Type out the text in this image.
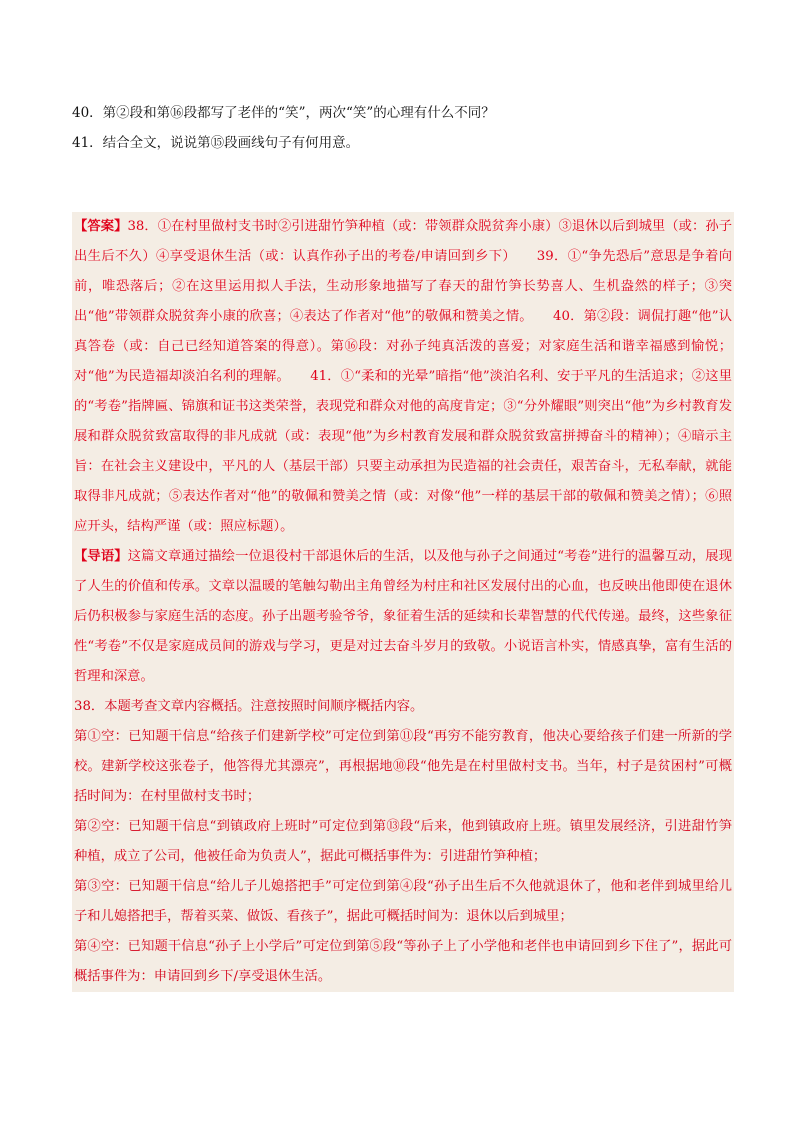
40．第②段和第⑯段都写了老伴的“笑”，两次“笑”的心理有什么不同？
41．结合全文，说说第⑮段画线句子有何用意。

【答案】38．①在村里做村支书时②引进甜竹笋种植（或：带领群众脱贫奔小康）③退休以后到城里（或：孙子出生后不久）④享受退休生活（或：认真作孙子出的考卷/申请回到乡下）　　39．①“争先恐后”意思是争着向前，唯恐落后；②在这里运用拟人手法，生动形象地描写了春天的甜竹笋长势喜人、生机盎然的样子；③突出“他”带领群众脱贫奔小康的欣喜；④表达了作者对“他”的敬佩和赞美之情。　　40．第②段：调侃打趣“他”认真答卷（或：自己已经知道答案的得意）。第⑯段：对孙子纯真活泼的喜爱；对家庭生活和谐幸福感到愉悦；对“他”为民造福却淡泊名利的理解。　　41．①“柔和的光晕”暗指“他”淡泊名利、安于平凡的生活追求；②这里的“考卷”指牌匾、锦旗和证书这类荣誉，表现党和群众对他的高度肯定；③“分外耀眼”则突出“他”为乡村教育发展和群众脱贫致富取得的非凡成就（或：表现“他”为乡村教育发展和群众脱贫致富拼搏奋斗的精神）；④暗示主旨：在社会主义建设中，平凡的人（基层干部）只要主动承担为民造福的社会责任，艰苦奋斗，无私奉献，就能取得非凡成就；⑤表达作者对“他”的敬佩和赞美之情（或：对像“他”一样的基层干部的敬佩和赞美之情）；⑥照应开头，结构严谨（或：照应标题）。

【导语】这篇文章通过描绘一位退役村干部退休后的生活，以及他与孙子之间通过“考卷”进行的温馨互动，展现了人生的价值和传承。文章以温暖的笔触勾勒出主角曾经为村庄和社区发展付出的心血，也反映出他即使在退休后仍积极参与家庭生活的态度。孙子出题考验爷爷，象征着生活的延续和长辈智慧的代代传递。最终，这些象征性“考卷”不仅是家庭成员间的游戏与学习，更是对过去奋斗岁月的致敬。小说语言朴实，情感真挚，富有生活的哲理和深意。

38．本题考查文章内容概括。注意按照时间顺序概括内容。

第①空：已知题干信息“给孩子们建新学校”可定位到第⑪段“再穷不能穷教育，他决心要给孩子们建一所新的学校。建新学校这张卷子，他答得尤其漂亮”，再根据地⑩段“他先是在村里做村支书。当年，村子是贫困村”可概括时间为：在村里做村支书时；

第②空：已知题干信息“到镇政府上班时”可定位到第⑬段“后来，他到镇政府上班。镇里发展经济，引进甜竹笋种植，成立了公司，他被任命为负责人”，据此可概括事件为：引进甜竹笋种植；

第③空：已知题干信息“给儿子儿媳搭把手”可定位到第④段“孙子出生后不久他就退休了，他和老伴到城里给儿子和儿媳搭把手，帮着买菜、做饭、看孩子”，据此可概括时间为：退休以后到城里；

第④空：已知题干信息“孙子上小学后”可定位到第⑤段“等孙子上了小学他和老伴也申请回到乡下住了”，据此可概括事件为：申请回到乡下/享受退休生活。
